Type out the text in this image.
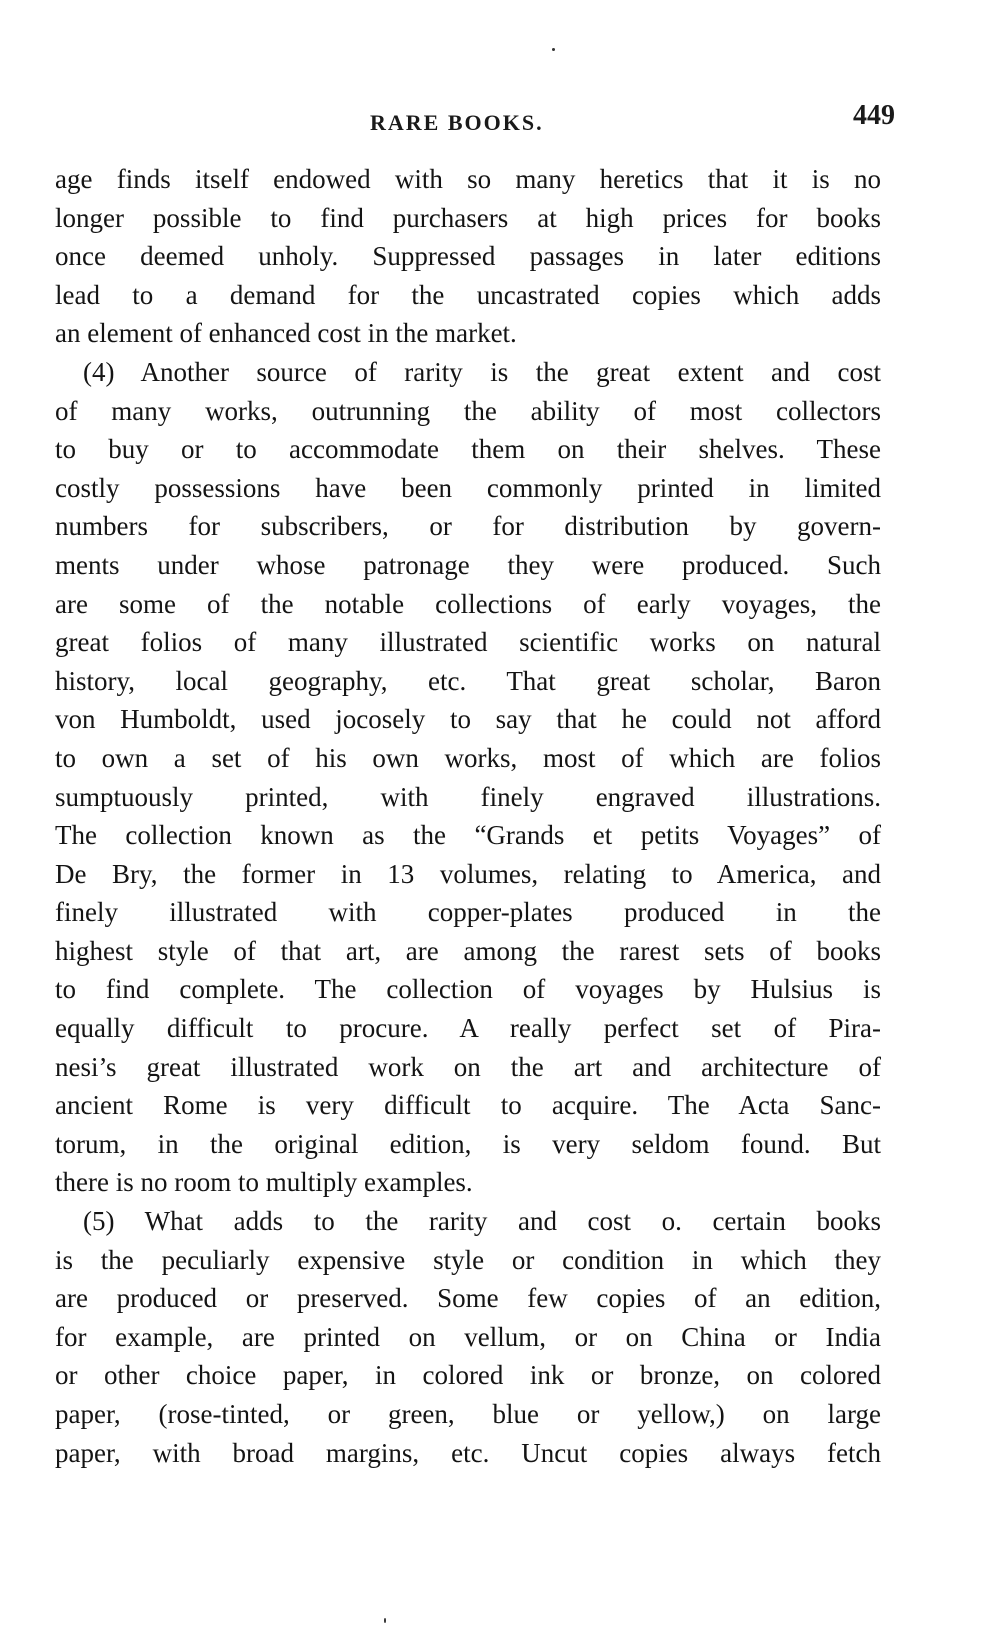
RARE BOOKS.	449
age finds itself endowed with so many heretics that it is no
longer possible to find purchasers at high prices for books
once deemed unholy. Suppressed passages in later editions
lead to a demand for the uncastrated copies which adds
an element of enhanced cost in the market.
(4) Another source of rarity is the great extent and cost
of many works, outrunning the ability of most collectors
to buy or to accommodate them on their shelves. These
costly possessions have been commonly printed in limited
numbers for subscribers, or for distribution by govern-
ments under whose patronage they were produced. Such
are some of the notable collections of early voyages, the
great folios of many illustrated scientific works on natural
history, local geography, etc. That great scholar, Baron
von Humboldt, used jocosely to say that he could not afford
to own a set of his own works, most of which are folios
sumptuously printed, with finely engraved illustrations.
The collection known as the “Grands et petits Voyages” of
De Bry, the former in 13 volumes, relating to America, and
finely illustrated with copper-plates produced in the
highest style of that art, are among the rarest sets of books
to find complete. The collection of voyages by Hulsius is
equally difficult to procure. A really perfect set of Pira-
nesi’s great illustrated work on the art and architecture of
ancient Rome is very difficult to acquire. The Acta Sanc-
torum, in the original edition, is very seldom found. But
there is no room to multiply examples.
(5) What adds to the rarity and cost o. certain books
is the peculiarly expensive style or condition in which they
are produced or preserved. Some few copies of an edition,
for example, are printed on vellum, or on China or India
or other choice paper, in colored ink or bronze, on colored
paper, (rose-tinted, or green, blue or yellow,) on large
paper, with broad margins, etc. Uncut copies always fetch
